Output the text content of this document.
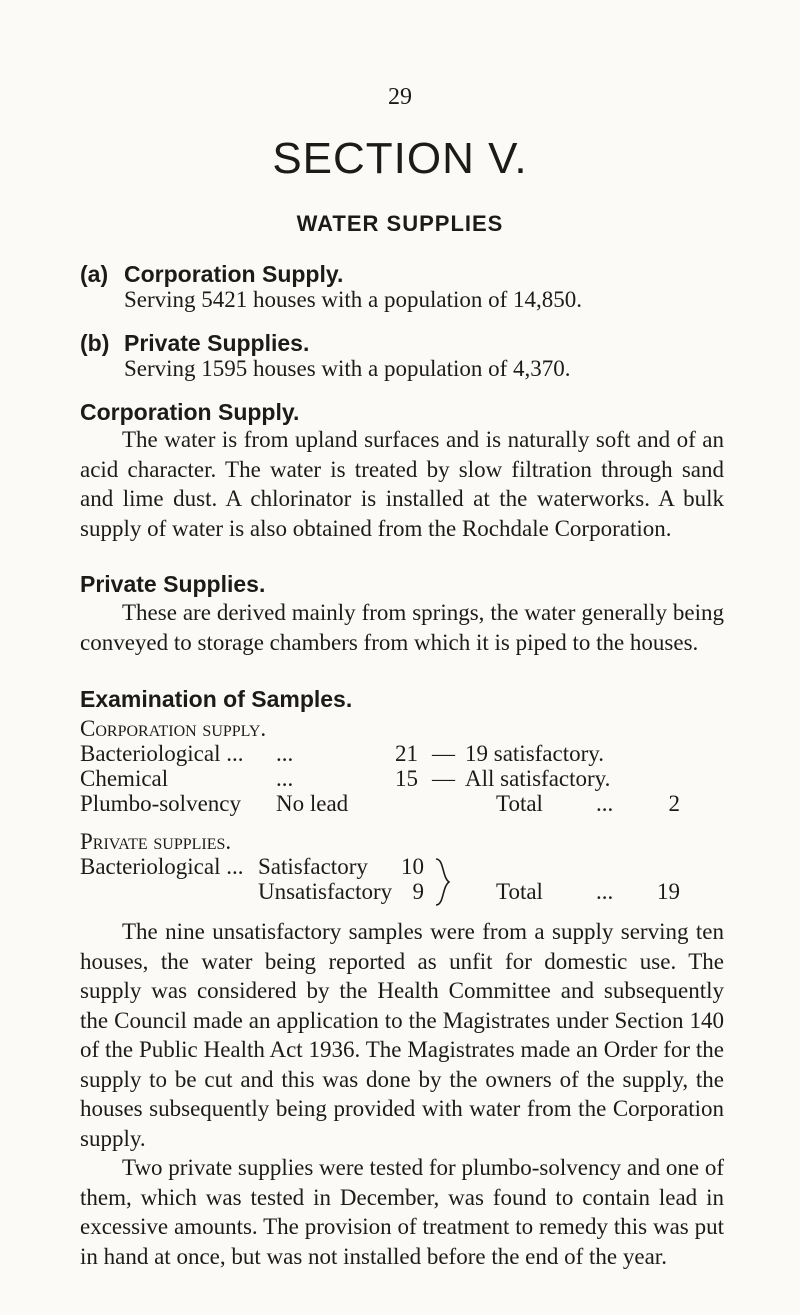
29
SECTION V.
WATER SUPPLIES
(a) Corporation Supply.
Serving 5421 houses with a population of 14,850.
(b) Private Supplies.
Serving 1595 houses with a population of 4,370.
Corporation Supply.

The water is from upland surfaces and is naturally soft and of an acid character. The water is treated by slow filtration through sand and lime dust. A chlorinator is installed at the waterworks. A bulk supply of water is also obtained from the Rochdale Corporation.

Private Supplies.

These are derived mainly from springs, the water generally being conveyed to storage chambers from which it is piped to the houses.

Examination of Samples.
Corporation supply.
Bacteriological ... ...	21 — 19 satisfactory.
Chemical	...	15 — All satisfactory.
Plumbo-solvency No lead	Total ...	2
Private supplies.
Bacteriological ... Satisfactory 10
Unsatisfactory 9	Total ...	19

The nine unsatisfactory samples were from a supply serving ten houses, the water being reported as unfit for domestic use. The supply was considered by the Health Committee and subsequently the Council made an application to the Magistrates under Section 140 of the Public Health Act 1936. The Magistrates made an Order for the supply to be cut and this was done by the owners of the supply, the houses subsequently being provided with water from the Corporation supply.

Two private supplies were tested for plumbo-solvency and one of them, which was tested in December, was found to contain lead in excessive amounts. The provision of treatment to remedy this was put in hand at once, but was not installed before the end of the year.
